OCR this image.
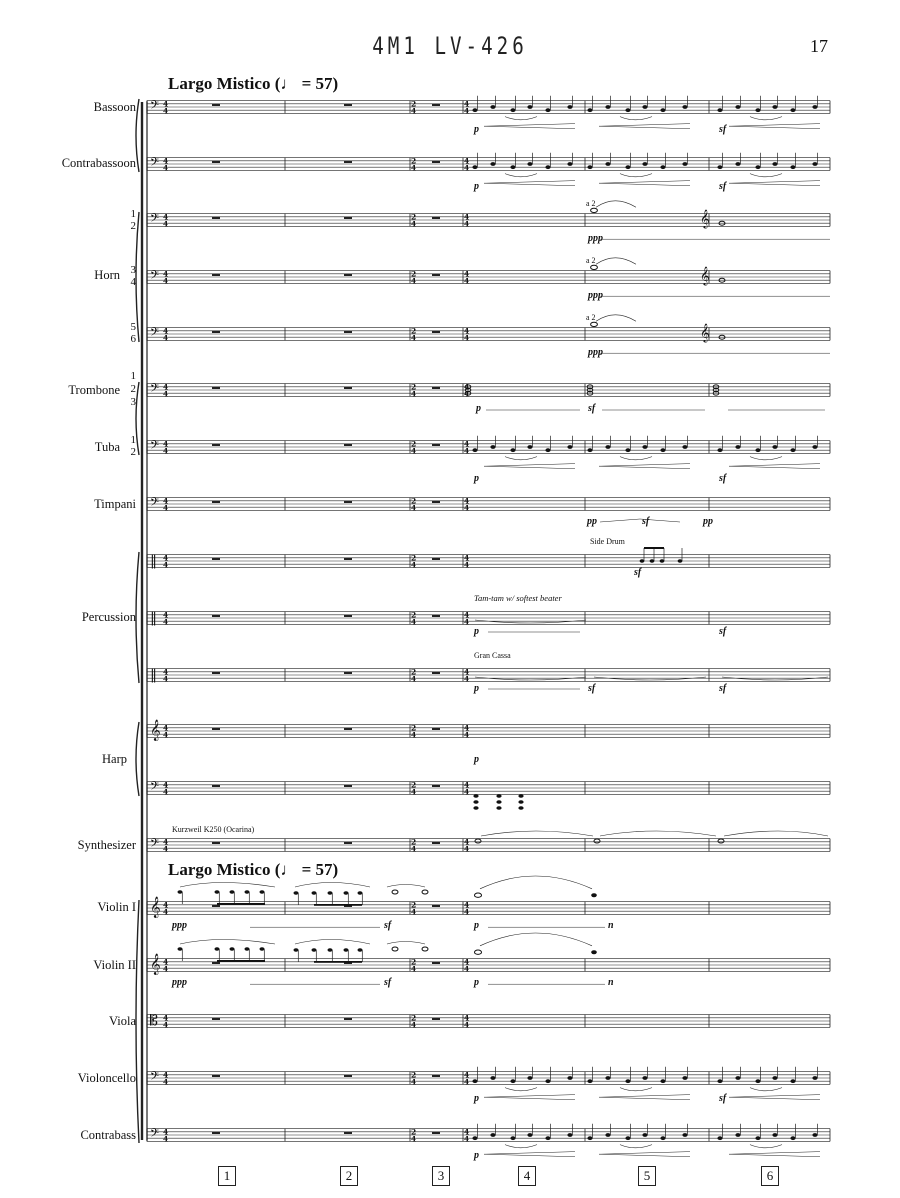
4M1 LV-426	17
Largo Mistico (♩ = 57)
Largo Mistico (♩ = 57)
Bassoon
Contrabassoon
Horn
1
2
3
4
5
6
Trombone
1
2
3
Tuba 1
2
Timpani
Percussion
Harp
Synthesizer
Violin I
Violin II
Viola
Violoncello
Contrabass
a 2
a 2
a 2
Side Drum
Tam-tam w/ softest beater
Gran Cassa
Kurzweil K250 (Ocarina)
p	sf
p	sf
ppp
ppp
ppp
p	sf
p	sf
pp	sf	pp
sf
p	sf
p	sf	sf
p
ppp	sf	p	n
ppp	sf	p	n
p	sf
p
1	2	3	4	5	6
𝄢 4
4
2
4
4
4
𝄢 4
4
2
4
4
4
𝄢 4
4
2
4
4
4
𝄢 4
4
2
4
4
4
𝄢 4
4
2
4
4
4
𝄢 4
4
2
4
4
4
𝄢 4
4
2
4
4
4
𝄢 4
4
2
4
4
4
‖ 4
4
2
4
4
4
‖ 4
4
2
4
4
4
‖ 4
4
2
4
4
4
𝄞 4
4
2
4
4
4
𝄢 4
4
2
4
4
4
𝄢 4
4
2
4
4
4
𝄞 4
4
2
4
4
4
𝄞 4
4
2
4
4
4
𝄡 4
4
2
4
4
4
𝄢 4
4
2
4
4
4
𝄢 4
4
2
4
4
4
𝄞
𝄞
𝄞
